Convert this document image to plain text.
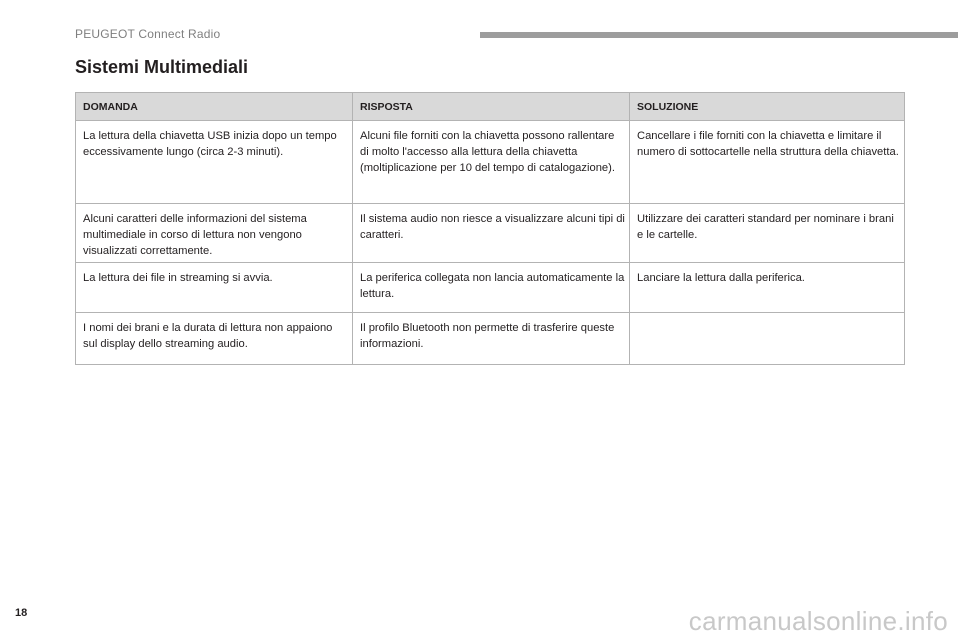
PEUGEOT Connect Radio
Sistemi Multimediali
DOMANDA	RISPOSTA	SOLUZIONE
La lettura della chiavetta USB inizia dopo un tempo eccessivamente lungo (circa 2-3 minuti).	Alcuni file forniti con la chiavetta possono rallentare di molto l'accesso alla lettura della chiavetta (moltiplicazione per 10 del tempo di catalogazione).	Cancellare i file forniti con la chiavetta e limitare il numero di sottocartelle nella struttura della chiavetta.
Alcuni caratteri delle informazioni del sistema multimediale in corso di lettura non vengono visualizzati correttamente.	Il sistema audio non riesce a visualizzare alcuni tipi di caratteri.	Utilizzare dei caratteri standard per nominare i brani e le cartelle.
La lettura dei file in streaming si avvia.	La periferica collegata non lancia automaticamente la lettura.	Lanciare la lettura dalla periferica.
I nomi dei brani e la durata di lettura non appaiono sul display dello streaming audio.	Il profilo Bluetooth non permette di trasferire queste informazioni.	
18	carmanualsonline.info
